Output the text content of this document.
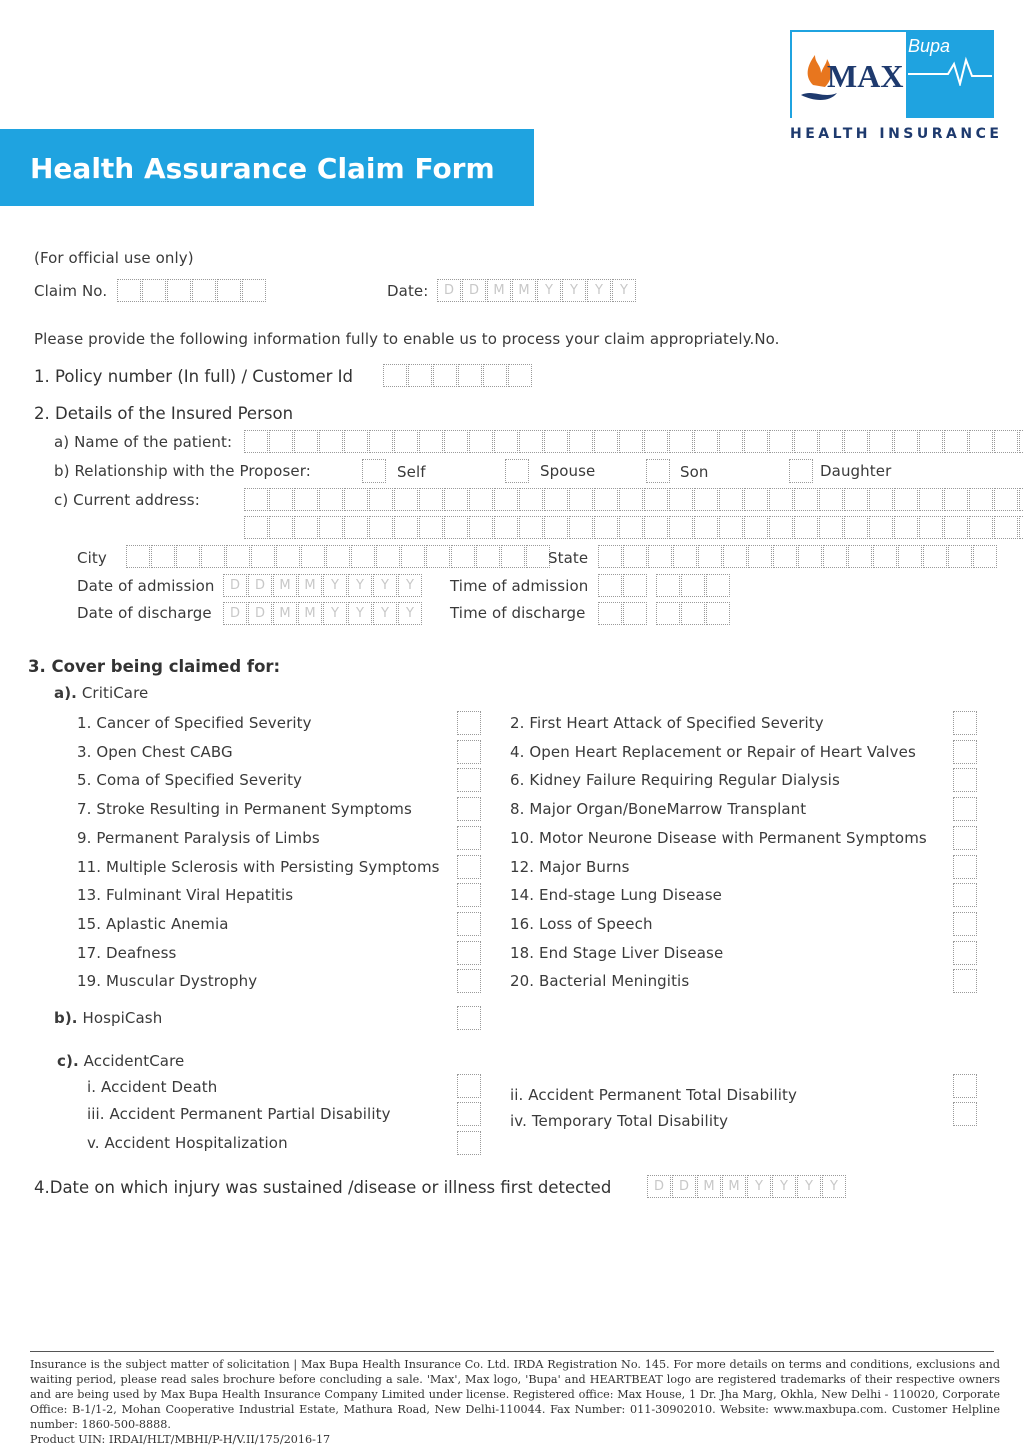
MAX
Bupa
HEALTH INSURANCE
Health Assurance Claim Form
(For official use only)
Claim No.	Date:	D	D	M	M	Y	Y	Y	Y
Please provide the following information fully to enable us to process your claim appropriately.No.
1. Policy number (In full) / Customer Id
2. Details of the Insured Person
a) Name of the patient:
b) Relationship with the Proposer:	Self	Spouse	Son	Daughter
c) Current address:
City	State
Date of admission	D	D	M	M	Y	Y	Y	Y	Time of admission
Date of discharge	D	D	M	M	Y	Y	Y	Y	Time of discharge
3. Cover being claimed for:
a). CritiCare
1. Cancer of Specified Severity	2. First Heart Attack of Specified Severity
3. Open Chest CABG	4. Open Heart Replacement or Repair of Heart Valves
5. Coma of Specified Severity	6. Kidney Failure Requiring Regular Dialysis
7. Stroke Resulting in Permanent Symptoms	8. Major Organ/BoneMarrow Transplant
9. Permanent Paralysis of Limbs	10. Motor Neurone Disease with Permanent Symptoms
11. Multiple Sclerosis with Persisting Symptoms	12. Major Burns
13. Fulminant Viral Hepatitis	14. End-stage Lung Disease
15. Aplastic Anemia	16. Loss of Speech
17. Deafness	18. End Stage Liver Disease
19. Muscular Dystrophy	20. Bacterial Meningitis
b). HospiCash
c). AccidentCare
i. Accident Death	ii. Accident Permanent Total Disability
iii. Accident Permanent Partial Disability	iv. Temporary Total Disability
v. Accident Hospitalization
4.Date on which injury was sustained /disease or illness first detected	D	D	M	M	Y	Y	Y	Y
Insurance is the subject matter of solicitation | Max Bupa Health Insurance Co. Ltd. IRDA Registration No. 145. For more details on terms and conditions, exclusions and waiting period, please read sales brochure before concluding a sale. 'Max', Max logo, 'Bupa' and HEARTBEAT logo are registered trademarks of their respective owners and are being used by Max Bupa Health Insurance Company Limited under license. Registered office: Max House, 1 Dr. Jha Marg, Okhla, New Delhi - 110020, Corporate Office: B-1/1-2, Mohan Cooperative Industrial Estate, Mathura Road, New Delhi-110044. Fax Number: 011-30902010. Website: www.maxbupa.com. Customer Helpline number: 1860-500-8888.
Product UIN: IRDAI/HLT/MBHI/P-H/V.II/175/2016-17
